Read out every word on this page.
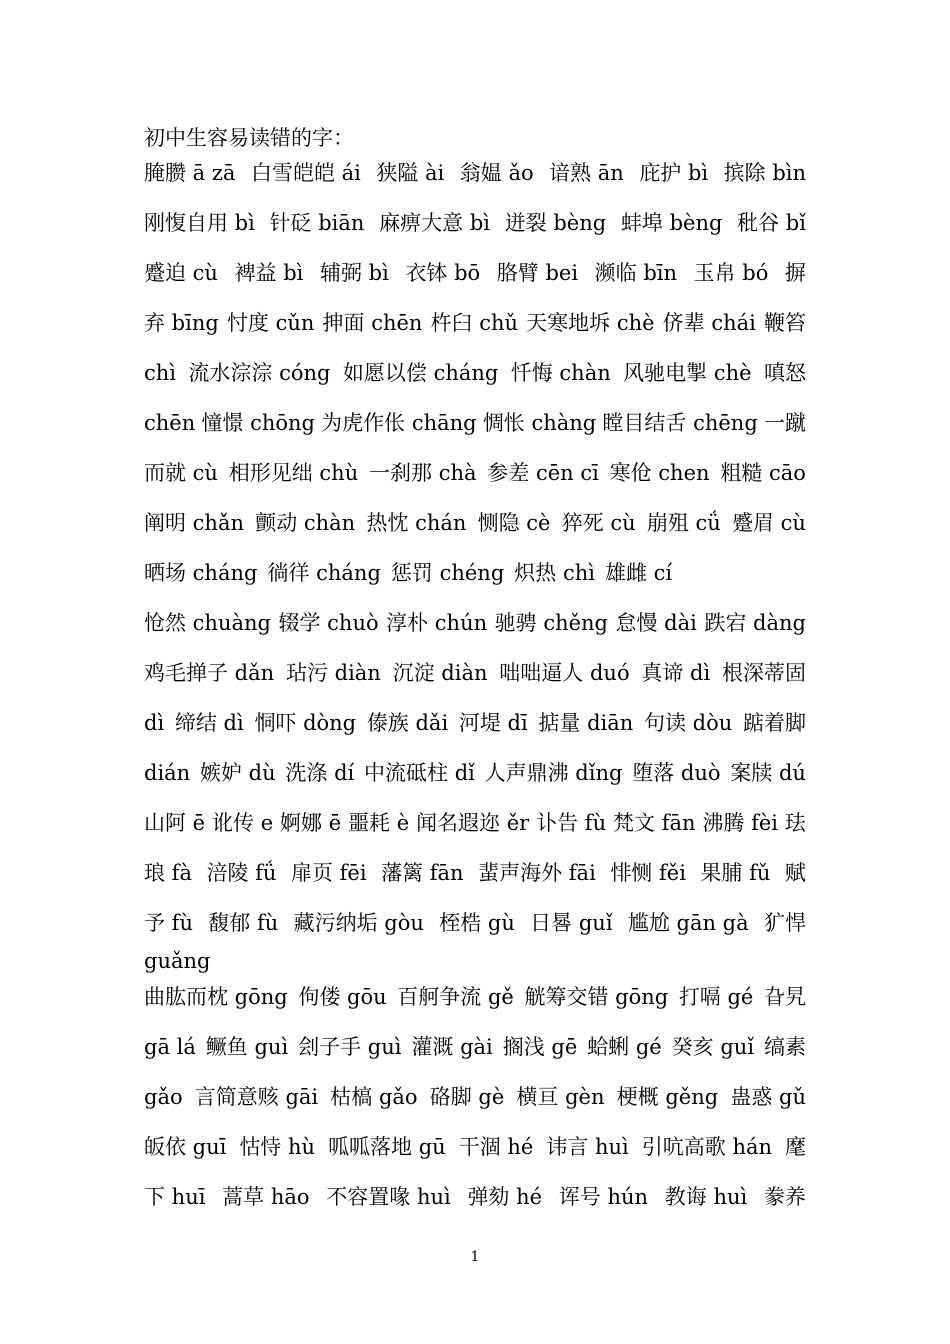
初中生容易读错的字：
腌臜 ā zā 白雪皑皑 ái 狭隘 ài 翁媪 ǎo 谙熟 ān 庇护 bì 摈除 bìn
刚愎自用 bì 针砭 biān 麻痹大意 bì 迸裂 bèng 蚌埠 bèng 秕谷 bǐ
蹙迫 cù 裨益 bì 辅弼 bì 衣钵 bō 胳臂 bei 濒临 bīn 玉帛 bó 摒
弃 bīng 忖度 cǔn 抻面 chēn 杵臼 chǔ 天寒地坼 chè 侪辈 chái 鞭笞
chì 流水淙淙 cóng 如愿以偿 cháng 忏悔 chàn 风驰电掣 chè 嗔怒
chēn 憧憬 chōng 为虎作伥 chāng 惆怅 chàng 瞠目结舌 chēng 一蹴
而就 cù 相形见绌 chù 一刹那 chà 参差 cēn cī 寒伧 chen 粗糙 cāo
阐明 chǎn 颤动 chàn 热忱 chán 恻隐 cè 猝死 cù 崩殂 cǘ 蹙眉 cù
晒场 cháng 徜徉 cháng 惩罚 chéng 炽热 chì 雄雌 cí
怆然 chuàng 辍学 chuò 淳朴 chún 驰骋 chěng 怠慢 dài 跌宕 dàng
鸡毛掸子 dǎn 玷污 diàn 沉淀 diàn 咄咄逼人 duó 真谛 dì 根深蒂固
dì 缔结 dì 恫吓 dòng 傣族 dǎi 河堤 dī 掂量 diān 句读 dòu 踮着脚
dián 嫉妒 dù 洗涤 dí 中流砥柱 dǐ 人声鼎沸 dǐng 堕落 duò 案牍 dú
山阿 ē 讹传 e 婀娜 ē 噩耗 è 闻名遐迩 ěr 讣告 fù 梵文 fān 沸腾 fèi 珐
琅 fà 涪陵 fǘ 扉页 fēi 藩篱 fān 蜚声海外 fāi 悱恻 fěi 果脯 fǔ 赋
予 fù 馥郁 fù 藏污纳垢 gòu 桎梏 gù 日晷 guǐ 尴尬 gān gà 犷悍
guǎng
曲肱而枕 gōng 佝偻 gōu 百舸争流 gě 觥筹交错 gōng 打嗝 gé 旮旯
gā lá 鳜鱼 guì 刽子手 guì 灌溉 gài 搁浅 gē 蛤蜊 gé 癸亥 guǐ 缟素
gǎo 言简意赅 gāi 枯槁 gǎo 硌脚 gè 横亘 gèn 梗概 gěng 蛊惑 gǔ
皈依 guī 怙恃 hù 呱呱落地 gū 干涸 hé 讳言 huì 引吭高歌 hán 麾
下 huī 蒿草 hāo 不容置喙 huì 弹劾 hé 诨号 hún 教诲 huì 豢养
1
